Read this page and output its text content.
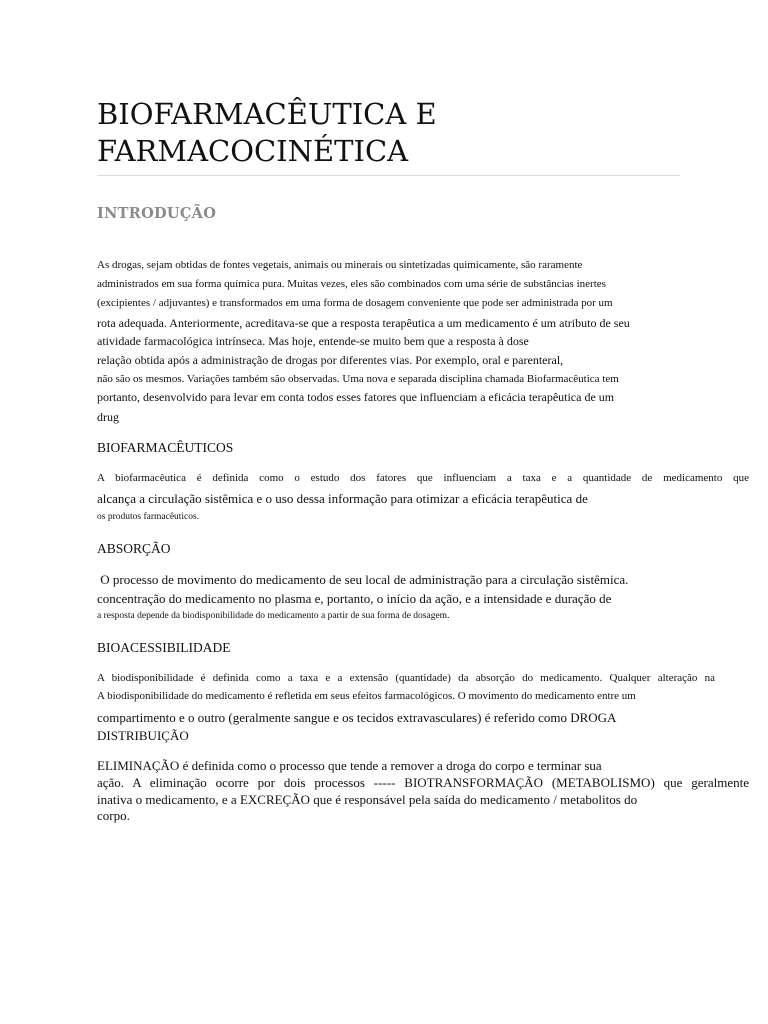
BIOFARMACÊUTICA E
FARMACOCINÉTICA
INTRODUÇÃO

As drogas, sejam obtidas de fontes vegetais, animais ou minerais ou sintetizadas quimicamente, são raramente

administrados em sua forma química pura. Muitas vezes, eles são combinados com uma série de substâncias inertes

(excipientes / adjuvantes) e transformados em uma forma de dosagem conveniente que pode ser administrada por um

rota adequada. Anteriormente, acreditava-se que a resposta terapêutica a um medicamento é um atributo de seu

atividade farmacológica intrínseca. Mas hoje, entende-se muito bem que a resposta à dose

relação obtida após a administração de drogas por diferentes vias. Por exemplo, oral e parenteral,

não são os mesmos. Variações também são observadas. Uma nova e separada disciplina chamada Biofarmacêutica tem

portanto, desenvolvido para levar em conta todos esses fatores que influenciam a eficácia terapêutica de um

drug

BIOFARMACÊUTICOS

A biofarmacêutica é definida como o estudo dos fatores que influenciam a taxa e a quantidade de medicamento que

alcança a circulação sistêmica e o uso dessa informação para otimizar a eficácia terapêutica de

os produtos farmacêuticos.

ABSORÇÃO

O processo de movimento do medicamento de seu local de administração para a circulação sistêmica.

concentração do medicamento no plasma e, portanto, o início da ação, e a intensidade e duração de

a resposta depende da biodisponibilidade do medicamento a partir de sua forma de dosagem.

BIOACESSIBILIDADE

A biodisponibilidade é definida como a taxa e a extensão (quantidade) da absorção do medicamento. Qualquer alteração na

A biodisponibilidade do medicamento é refletida em seus efeitos farmacológicos. O movimento do medicamento entre um

compartimento e o outro (geralmente sangue e os tecidos extravasculares) é referido como DROGA

DISTRIBUIÇÃO

ELIMINAÇÃO é definida como o processo que tende a remover a droga do corpo e terminar sua

ação. A eliminação ocorre por dois processos ----- BIOTRANSFORMAÇÃO (METABOLISMO) que geralmente

inativa o medicamento, e a EXCREÇÃO que é responsável pela saída do medicamento / metabolitos do

corpo.
